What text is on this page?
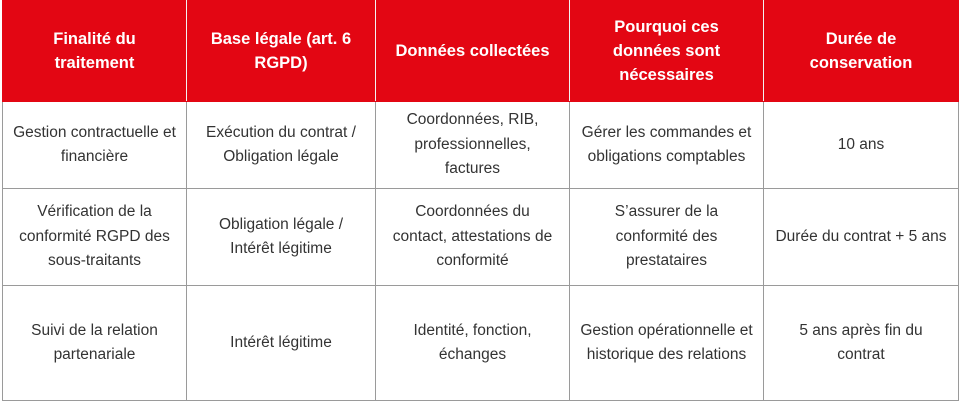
Finalité du traitement	Base légale (art. 6 RGPD)	Données collectées	Pourquoi ces données sont nécessaires	Durée de conservation
Gestion contractuelle et financière	Exécution du contrat / Obligation légale	Coordonnées, RIB, professionnelles, factures	Gérer les commandes et obligations comptables	10 ans
Vérification de la conformité RGPD des sous-traitants	Obligation légale / Intérêt légitime	Coordonnées du contact, attestations de conformité	S’assurer de la conformité des prestataires	Durée du contrat + 5 ans
Suivi de la relation partenariale	Intérêt légitime	Identité, fonction, échanges	Gestion opérationnelle et historique des relations	5 ans après fin du contrat
